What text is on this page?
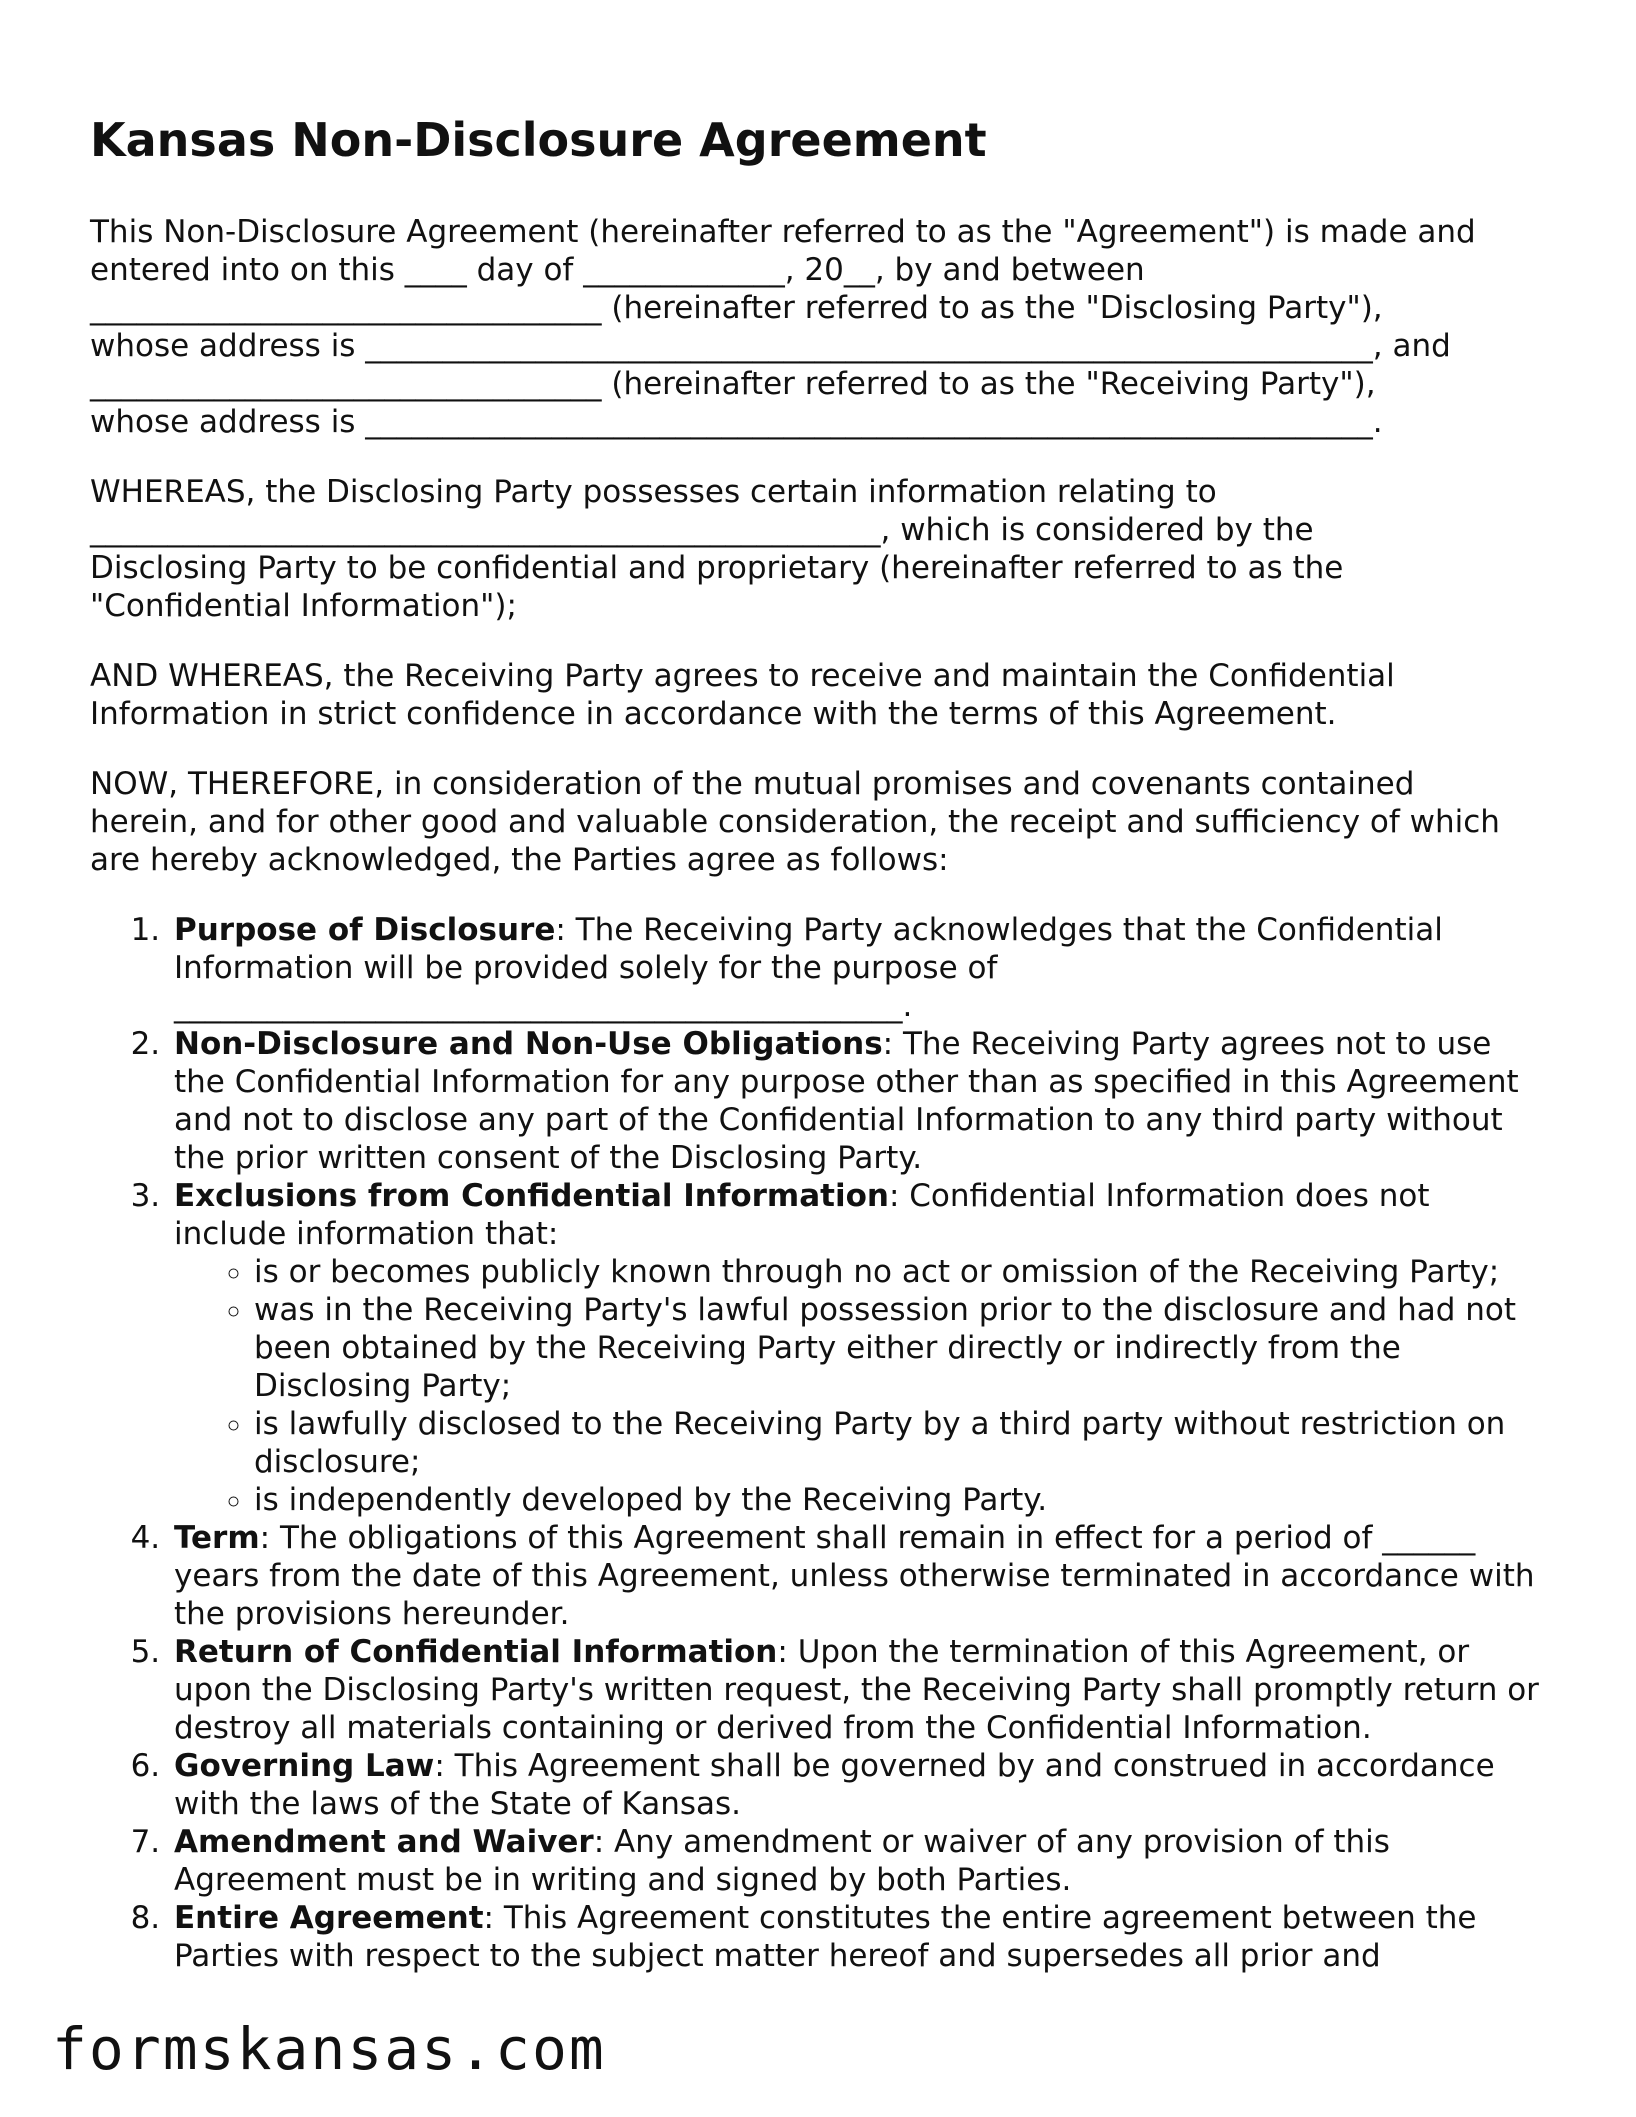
Kansas Non-Disclosure Agreement

This Non-Disclosure Agreement (hereinafter referred to as the "Agreement") is made and
entered into on this ____ day of _____________, 20__, by and between
_________________________________ (hereinafter referred to as the "Disclosing Party"),
whose address is _________________________________________________________________, and
_________________________________ (hereinafter referred to as the "Receiving Party"),
whose address is _________________________________________________________________.

WHEREAS, the Disclosing Party possesses certain information relating to
___________________________________________________, which is considered by the
Disclosing Party to be confidential and proprietary (hereinafter referred to as the
"Confidential Information");

AND WHEREAS, the Receiving Party agrees to receive and maintain the Confidential
Information in strict confidence in accordance with the terms of this Agreement.

NOW, THEREFORE, in consideration of the mutual promises and covenants contained
herein, and for other good and valuable consideration, the receipt and sufficiency of which
are hereby acknowledged, the Parties agree as follows:

1. Purpose of Disclosure: The Receiving Party acknowledges that the Confidential Information will be provided solely for the purpose of _______________________________________________.
2. Non-Disclosure and Non-Use Obligations: The Receiving Party agrees not to use the Confidential Information for any purpose other than as specified in this Agreement and not to disclose any part of the Confidential Information to any third party without the prior written consent of the Disclosing Party.
3. Exclusions from Confidential Information: Confidential Information does not include information that:
◦ is or becomes publicly known through no act or omission of the Receiving Party;
◦ was in the Receiving Party's lawful possession prior to the disclosure and had not been obtained by the Receiving Party either directly or indirectly from the Disclosing Party;
◦ is lawfully disclosed to the Receiving Party by a third party without restriction on disclosure;
◦ is independently developed by the Receiving Party.
4. Term: The obligations of this Agreement shall remain in effect for a period of ______ years from the date of this Agreement, unless otherwise terminated in accordance with the provisions hereunder.
5. Return of Confidential Information: Upon the termination of this Agreement, or upon the Disclosing Party's written request, the Receiving Party shall promptly return or destroy all materials containing or derived from the Confidential Information.
6. Governing Law: This Agreement shall be governed by and construed in accordance with the laws of the State of Kansas.
7. Amendment and Waiver: Any amendment or waiver of any provision of this Agreement must be in writing and signed by both Parties.
8. Entire Agreement: This Agreement constitutes the entire agreement between the Parties with respect to the subject matter hereof and supersedes all prior and
formskansas.com
